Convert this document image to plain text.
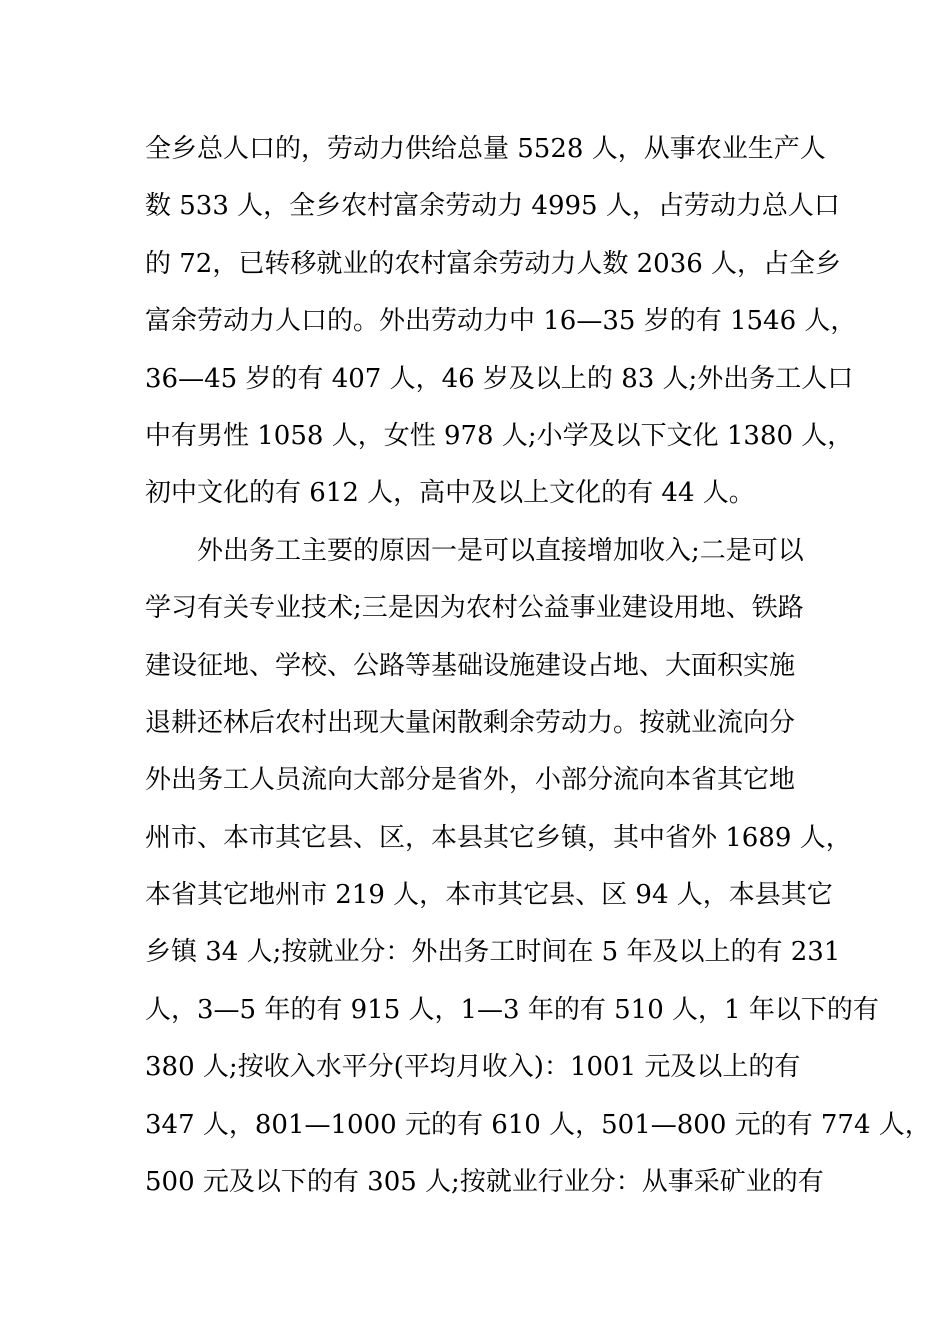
全乡总人口的，劳动力供给总量 5528 人，从事农业生产人
数 533 人，全乡农村富余劳动力 4995 人，占劳动力总人口
的 72，已转移就业的农村富余劳动力人数 2036 人，占全乡
富余劳动力人口的。外出劳动力中 16—35 岁的有 1546 人，
36—45 岁的有 407 人，46 岁及以上的 83 人;外出务工人口
中有男性 1058 人，女性 978 人;小学及以下文化 1380 人，
初中文化的有 612 人，高中及以上文化的有 44 人。
　　外出务工主要的原因一是可以直接增加收入;二是可以
学习有关专业技术;三是因为农村公益事业建设用地、铁路
建设征地、学校、公路等基础设施建设占地、大面积实施
退耕还林后农村出现大量闲散剩余劳动力。按就业流向分
外出务工人员流向大部分是省外，小部分流向本省其它地
州市、本市其它县、区，本县其它乡镇，其中省外 1689 人，
本省其它地州市 219 人，本市其它县、区 94 人，本县其它
乡镇 34 人;按就业分：外出务工时间在 5 年及以上的有 231
人，3—5 年的有 915 人，1—3 年的有 510 人，1 年以下的有
380 人;按收入水平分(平均月收入)：1001 元及以上的有
347 人，801—1000 元的有 610 人，501—800 元的有 774 人，
500 元及以下的有 305 人;按就业行业分：从事采矿业的有
